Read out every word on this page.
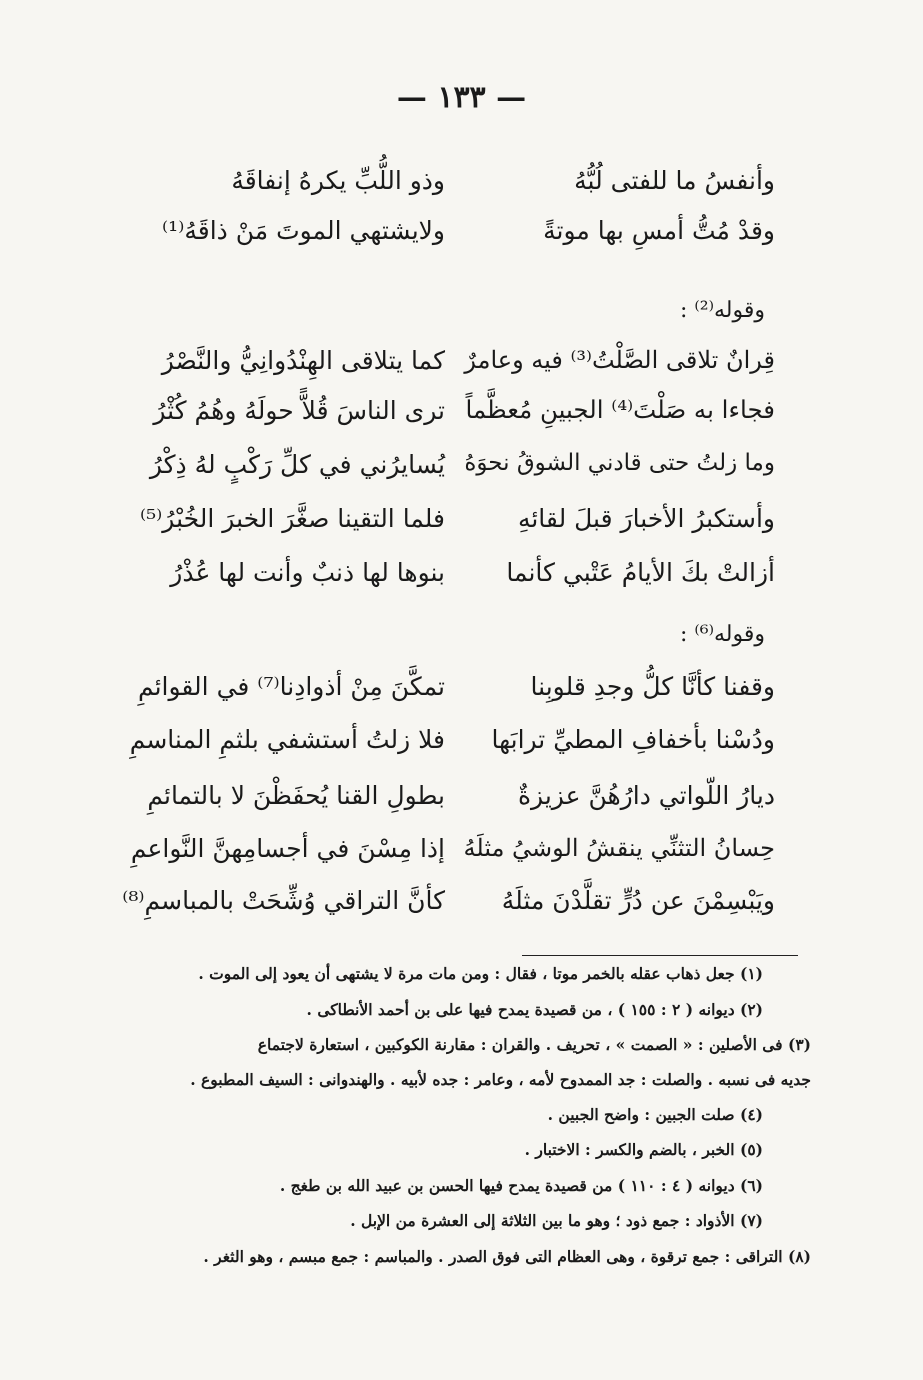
— ١٣٣ —
وأنفسُ ما للفتى لُبُّهُ
وذو اللُّبِّ يكرهُ إنفاقَهُ
وقدْ مُتُّ أمسِ بها موتةً
ولايشتهي الموتَ مَنْ ذاقَهُ⁽¹⁾
وقوله⁽²⁾ :
قِرانٌ تلاقى الصَّلْتُ⁽³⁾ فيه وعامرٌ
كما يتلاقى الهِنْدُوانِيُّ والنَّصْرُ
فجاءا به صَلْتَ⁽⁴⁾ الجبينِ مُعظَّماً
ترى الناسَ قُلاًّ حولَهُ وهُمُ كُثْرُ
وما زلتُ حتى قادني الشوقُ نحوَهُ
يُسايرُني في كلِّ رَكْبٍ لهُ ذِكْرُ
وأستكبرُ الأخبارَ قبلَ لقائهِ
فلما التقينا صغَّرَ الخبرَ الخُبْرُ⁽⁵⁾
أزالتْ بكَ الأيامُ عَتْبي كأنما
بنوها لها ذنبٌ وأنت لها عُذْرُ
وقوله⁽⁶⁾ :
وقفنا كأنَّا كلُّ وجدِ قلوبِنا
تمكَّنَ مِنْ أذوادِنا⁽⁷⁾ في القوائمِ
ودُسْنا بأخفافِ المطيِّ ترابَها
فلا زلتُ أستشفي بلثمِ المناسمِ
ديارُ اللّواتي دارُهُنَّ عزيزةٌ
بطولِ القنا يُحفَظْنَ لا بالتمائمِ
حِسانُ التثنِّي ينقشُ الوشيُ مثلَهُ
إذا مِسْنَ في أجسامِهنَّ النَّواعمِ
ويَبْسِمْنَ عن دُرٍّ تقلَّدْنَ مثلَهُ
كأنَّ التراقي وُشِّحَتْ بالمباسمِ⁽⁸⁾
(١) جعل ذهاب عقله بالخمر موتا ، فقال : ومن مات مرة لا يشتهى أن يعود إلى الموت .
(٢) ديوانه ( ٢ : ١٥٥ ) ، من قصيدة يمدح فيها على بن أحمد الأنطاكى .
(٣) فى الأصلين : « الصمت » ، تحريف . والقران : مقارنة الكوكبين ، استعارة لاجتماع
جديه فى نسبه . والصلت : جد الممدوح لأمه ، وعامر : جده لأبيه . والهندوانى : السيف المطبوع .
(٤) صلت الجبين : واضح الجبين .
(٥) الخبر ، بالضم والكسر : الاختبار .
(٦) ديوانه ( ٤ : ١١٠ ) من قصيدة يمدح فيها الحسن بن عبيد الله بن طغج .
(٧) الأذواد : جمع ذود ؛ وهو ما بين الثلاثة إلى العشرة من الإبل .
(٨) التراقى : جمع ترقوة ، وهى العظام التى فوق الصدر . والمباسم : جمع مبسم ، وهو الثغر .
